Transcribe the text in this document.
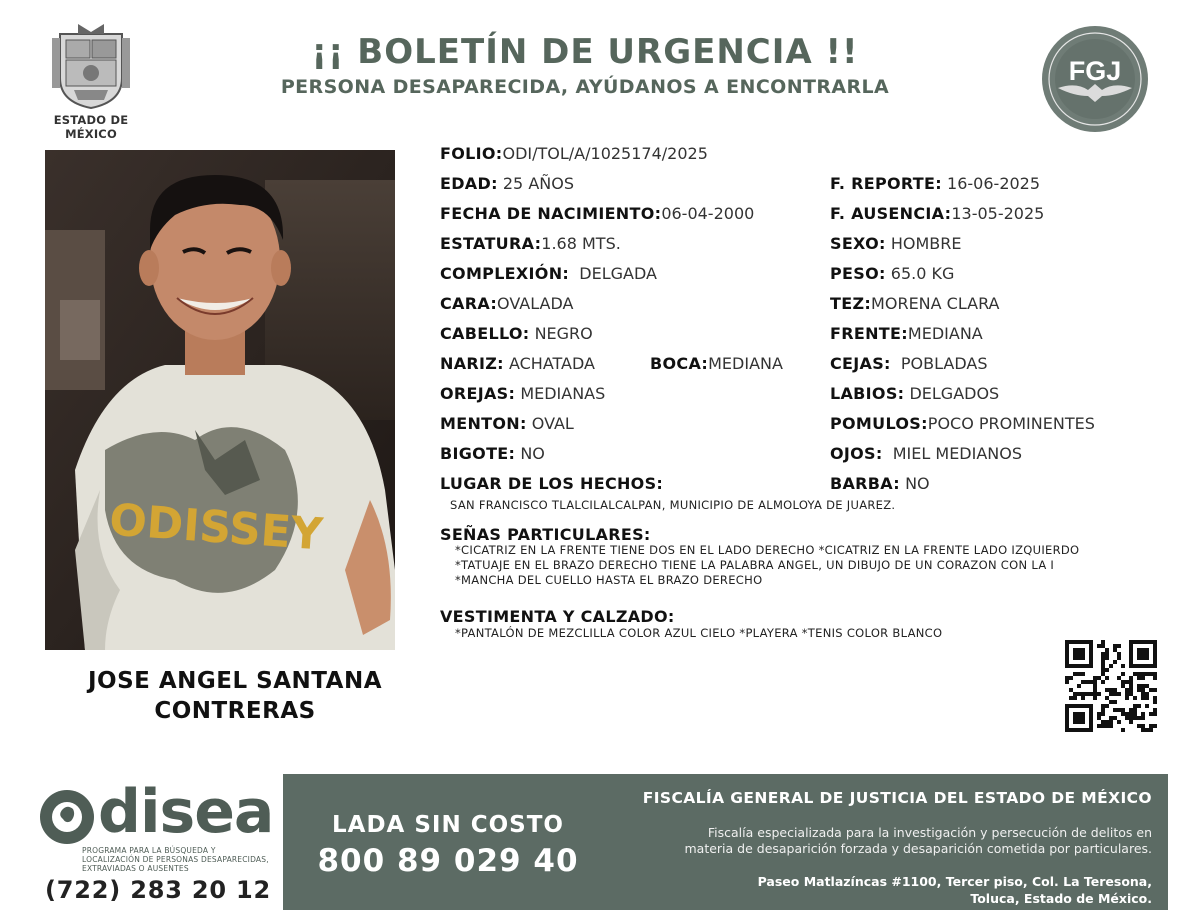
ESTADO DE MÉXICO
¡¡ BOLETÍN DE URGENCIA !!
PERSONA DESAPARECIDA, AYÚDANOS A ENCONTRARLA
FGJ
ODISSEY
JOSE ANGEL SANTANA
CONTRERAS
FOLIO:ODI/TOL/A/1025174/2025
EDAD: 25 AÑOS	F. REPORTE: 16-06-2025
FECHA DE NACIMIENTO:06-04-2000	F. AUSENCIA:13-05-2025
ESTATURA:1.68 MTS.	SEXO: HOMBRE
COMPLEXIÓN: DELGADA	PESO: 65.0 KG
CARA:OVALADA	TEZ:MORENA CLARA
CABELLO: NEGRO	FRENTE:MEDIANA
NARIZ: ACHATADA	BOCA:MEDIANA	CEJAS: POBLADAS
OREJAS: MEDIANAS	LABIOS: DELGADOS
MENTON: OVAL	POMULOS:POCO PROMINENTES
BIGOTE: NO	OJOS: MIEL MEDIANOS
LUGAR DE LOS HECHOS:	BARBA: NO
SAN FRANCISCO TLALCILALCALPAN, MUNICIPIO DE ALMOLOYA DE JUAREZ.
SEÑAS PARTICULARES:
*CICATRIZ EN LA FRENTE TIENE DOS EN EL LADO DERECHO *CICATRIZ EN LA FRENTE LADO IZQUIERDO
*TATUAJE EN EL BRAZO DERECHO TIENE LA PALABRA ANGEL, UN DIBUJO DE UN CORAZON CON LA I
*MANCHA DEL CUELLO HASTA EL BRAZO DERECHO
VESTIMENTA Y CALZADO:
*PANTALÓN DE MEZCLILLA COLOR AZUL CIELO *PLAYERA *TENIS COLOR BLANCO
disea
PROGRAMA PARA LA BÚSQUEDA Y LOCALIZACIÓN DE PERSONAS DESAPARECIDAS, EXTRAVIADAS O AUSENTES
(722) 283 20 12
LADA SIN COSTO
800 89 029 40
FISCALÍA GENERAL DE JUSTICIA DEL ESTADO DE MÉXICO
Fiscalía especializada para la investigación y persecución de delitos en
materia de desaparición forzada y desaparición cometida por particulares.
Paseo Matlazíncas #1100, Tercer piso, Col. La Teresona,
Toluca, Estado de México.
